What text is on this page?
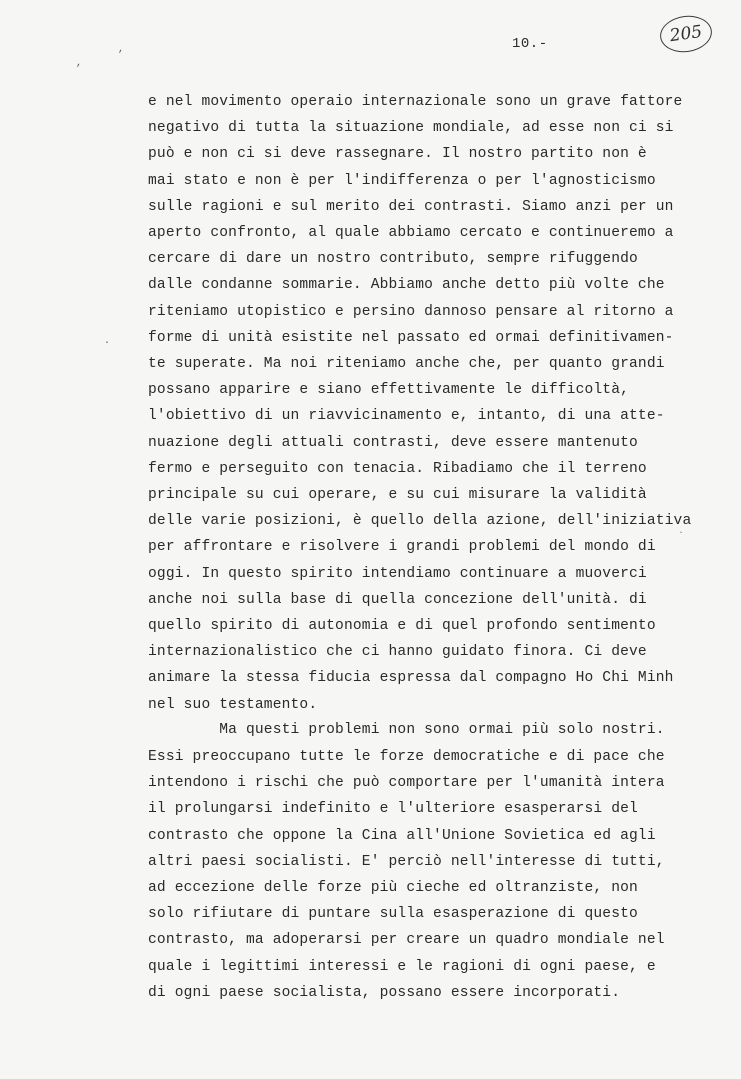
,
,
10.-	205
e nel movimento operaio internazionale sono un grave fattore
negativo di tutta la situazione mondiale, ad esse non ci si
può e non ci si deve rassegnare. Il nostro partito non è
mai stato e non è per l'indifferenza o per l'agnosticismo
sulle ragioni e sul merito dei contrasti. Siamo anzi per un
aperto confronto, al quale abbiamo cercato e continueremo a
cercare di dare un nostro contributo, sempre rifuggendo
dalle condanne sommarie. Abbiamo anche detto più volte che
riteniamo utopistico e persino dannoso pensare al ritorno a
forme di unità esistite nel passato ed ormai definitivamen-
te superate. Ma noi riteniamo anche che, per quanto grandi
possano apparire e siano effettivamente le difficoltà,
l'obiettivo di un riavvicinamento e, intanto, di una atte-
nuazione degli attuali contrasti, deve essere mantenuto
fermo e perseguito con tenacia. Ribadiamo che il terreno
principale su cui operare, e su cui misurare la validità
delle varie posizioni, è quello della azione, dell'iniziativa
per affrontare e risolvere i grandi problemi del mondo di
oggi. In questo spirito intendiamo continuare a muoverci
anche noi sulla base di quella concezione dell'unità. di
quello spirito di autonomia e di quel profondo sentimento
internazionalistico che ci hanno guidato finora. Ci deve
animare la stessa fiducia espressa dal compagno Ho Chi Minh
nel suo testamento.
Ma questi problemi non sono ormai più solo nostri.
Essi preoccupano tutte le forze democratiche e di pace che
intendono i rischi che può comportare per l'umanità intera
il prolungarsi indefinito e l'ulteriore esasperarsi del
contrasto che oppone la Cina all'Unione Sovietica ed agli
altri paesi socialisti. E' perciò nell'interesse di tutti,
ad eccezione delle forze più cieche ed oltranziste, non
solo rifiutare di puntare sulla esasperazione di questo
contrasto, ma adoperarsi per creare un quadro mondiale nel
quale i legittimi interessi e le ragioni di ogni paese, e
di ogni paese socialista, possano essere incorporati.
·
`
